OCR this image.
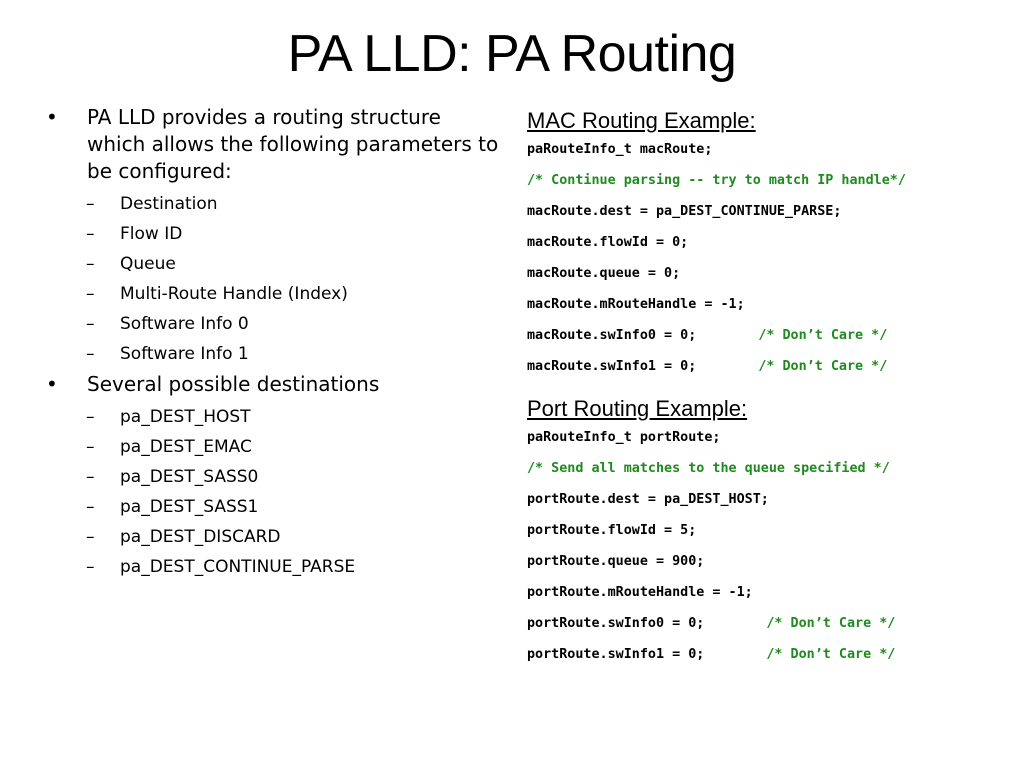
PA LLD: PA Routing
• PA LLD provides a routing structure which allows the following parameters to be configured:
– Destination
– Flow ID
– Queue
– Multi-Route Handle (Index)
– Software Info 0
– Software Info 1
• Several possible destinations
– pa_DEST_HOST
– pa_DEST_EMAC
– pa_DEST_SASS0
– pa_DEST_SASS1
– pa_DEST_DISCARD
– pa_DEST_CONTINUE_PARSE
MAC Routing Example:
paRouteInfo_t macRoute;
/* Continue parsing -- try to match IP handle*/
macRoute.dest = pa_DEST_CONTINUE_PARSE;
macRoute.flowId = 0;
macRoute.queue = 0;
macRoute.mRouteHandle = -1;
macRoute.swInfo0 = 0;	/* Don’t Care */
macRoute.swInfo1 = 0;	/* Don’t Care */
Port Routing Example:
paRouteInfo_t portRoute;
/* Send all matches to the queue specified */
portRoute.dest = pa_DEST_HOST;
portRoute.flowId = 5;
portRoute.queue = 900;
portRoute.mRouteHandle = -1;
portRoute.swInfo0 = 0;	/* Don’t Care */
portRoute.swInfo1 = 0;	/* Don’t Care */
